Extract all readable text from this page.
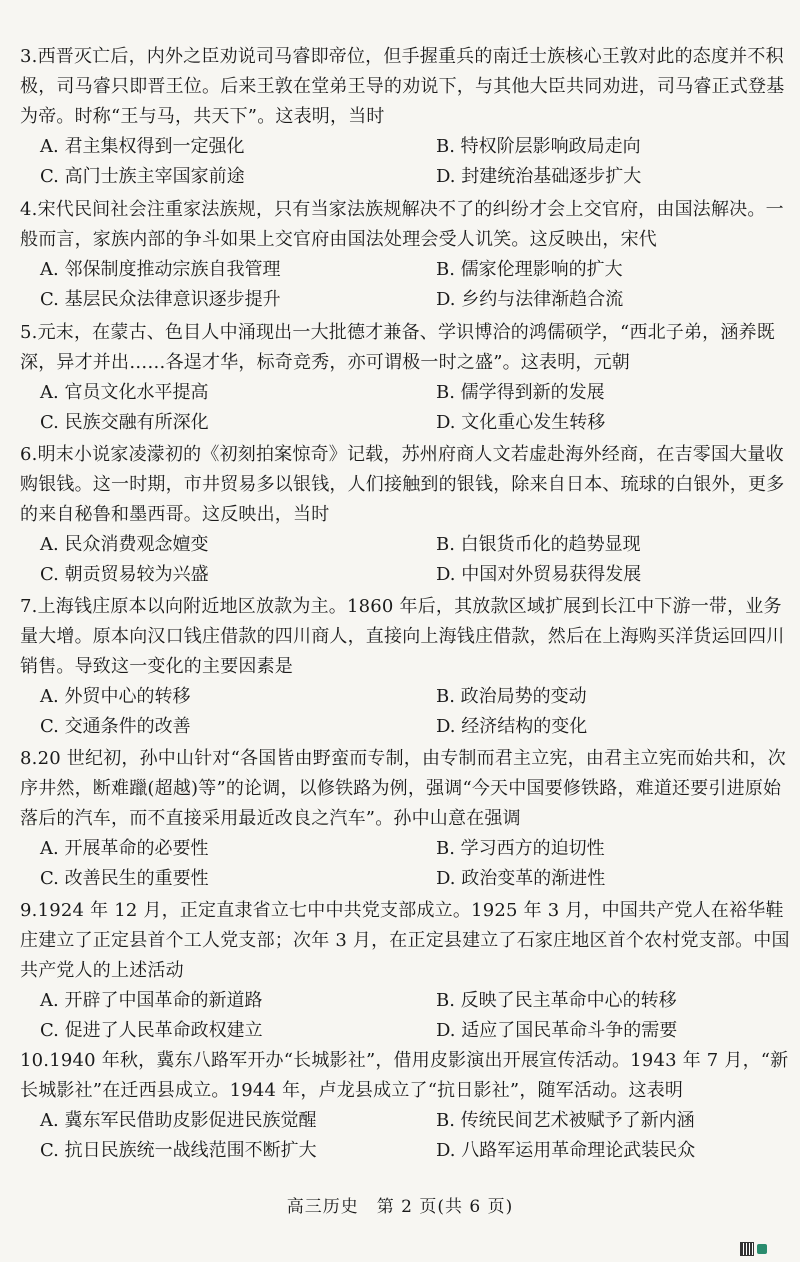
3.西晋灭亡后，内外之臣劝说司马睿即帝位，但手握重兵的南迁士族核心王敦对此的态度并不积极，司马睿只即晋王位。后来王敦在堂弟王导的劝说下，与其他大臣共同劝进，司马睿正式登基为帝。时称“王与马，共天下”。这表明，当时

A. 君主集权得到一定强化	B. 特权阶层影响政局走向
C. 高门士族主宰国家前途	D. 封建统治基础逐步扩大

4.宋代民间社会注重家法族规，只有当家法族规解决不了的纠纷才会上交官府，由国法解决。一般而言，家族内部的争斗如果上交官府由国法处理会受人讥笑。这反映出，宋代

A. 邻保制度推动宗族自我管理	B. 儒家伦理影响的扩大
C. 基层民众法律意识逐步提升	D. 乡约与法律渐趋合流

5.元末，在蒙古、色目人中涌现出一大批德才兼备、学识博洽的鸿儒硕学，“西北子弟，涵养既深，异才并出……各逞才华，标奇竞秀，亦可谓极一时之盛”。这表明，元朝

A. 官员文化水平提高	B. 儒学得到新的发展
C. 民族交融有所深化	D. 文化重心发生转移

6.明末小说家凌濛初的《初刻拍案惊奇》记载，苏州府商人文若虚赴海外经商，在吉零国大量收购银钱。这一时期，市井贸易多以银钱，人们接触到的银钱，除来自日本、琉球的白银外，更多的来自秘鲁和墨西哥。这反映出，当时

A. 民众消费观念嬗变	B. 白银货币化的趋势显现
C. 朝贡贸易较为兴盛	D. 中国对外贸易获得发展

7.上海钱庄原本以向附近地区放款为主。1860 年后，其放款区域扩展到长江中下游一带，业务量大增。原本向汉口钱庄借款的四川商人，直接向上海钱庄借款，然后在上海购买洋货运回四川销售。导致这一变化的主要因素是

A. 外贸中心的转移	B. 政治局势的变动
C. 交通条件的改善	D. 经济结构的变化

8.20 世纪初，孙中山针对“各国皆由野蛮而专制，由专制而君主立宪，由君主立宪而始共和，次序井然，断难躐(超越)等”的论调，以修铁路为例，强调“今天中国要修铁路，难道还要引进原始落后的汽车，而不直接采用最近改良之汽车”。孙中山意在强调

A. 开展革命的必要性	B. 学习西方的迫切性
C. 改善民生的重要性	D. 政治变革的渐进性

9.1924 年 12 月，正定直隶省立七中中共党支部成立。1925 年 3 月，中国共产党人在裕华鞋庄建立了正定县首个工人党支部；次年 3 月，在正定县建立了石家庄地区首个农村党支部。中国共产党人的上述活动

A. 开辟了中国革命的新道路	B. 反映了民主革命中心的转移
C. 促进了人民革命政权建立	D. 适应了国民革命斗争的需要

10.1940 年秋，冀东八路军开办“长城影社”，借用皮影演出开展宣传活动。1943 年 7 月，“新长城影社”在迁西县成立。1944 年，卢龙县成立了“抗日影社”，随军活动。这表明

A. 冀东军民借助皮影促进民族觉醒	B. 传统民间艺术被赋予了新内涵
C. 抗日民族统一战线范围不断扩大	D. 八路军运用革命理论武装民众
高三历史　第 2 页(共 6 页)
